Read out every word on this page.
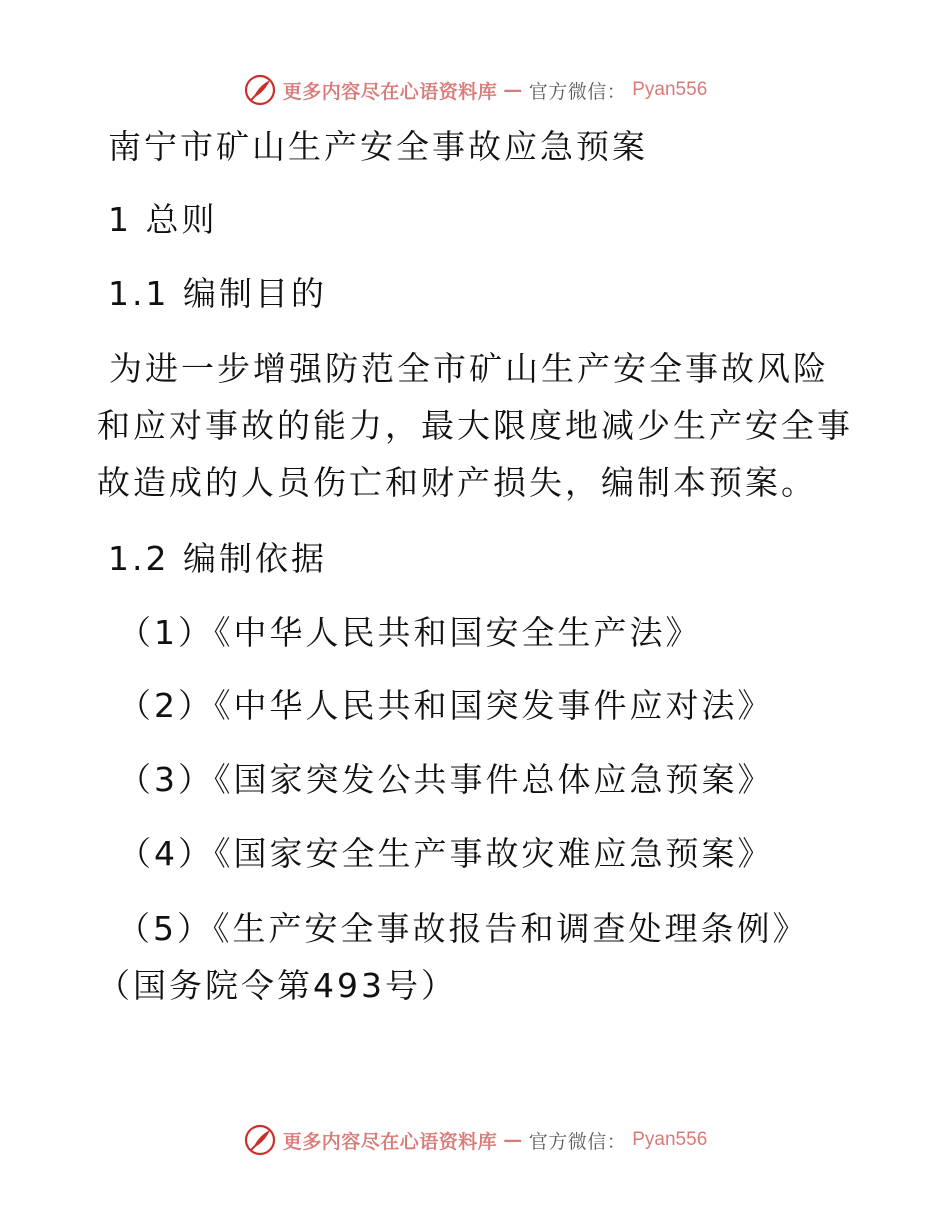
更多内容尽在心语资料库 — 官方微信： Pyan556
南宁市矿山生产安全事故应急预案
1 总则
1.1 编制目的
为进一步增强防范全市矿山生产安全事故风险和应对事故的能力，最大限度地减少生产安全事故造成的人员伤亡和财产损失，编制本预案。
1.2 编制依据
（1）《中华人民共和国安全生产法》
（2）《中华人民共和国突发事件应对法》
（3）《国家突发公共事件总体应急预案》
（4）《国家安全生产事故灾难应急预案》
（5）《生产安全事故报告和调查处理条例》（国务院令第493号）
更多内容尽在心语资料库 — 官方微信： Pyan556
